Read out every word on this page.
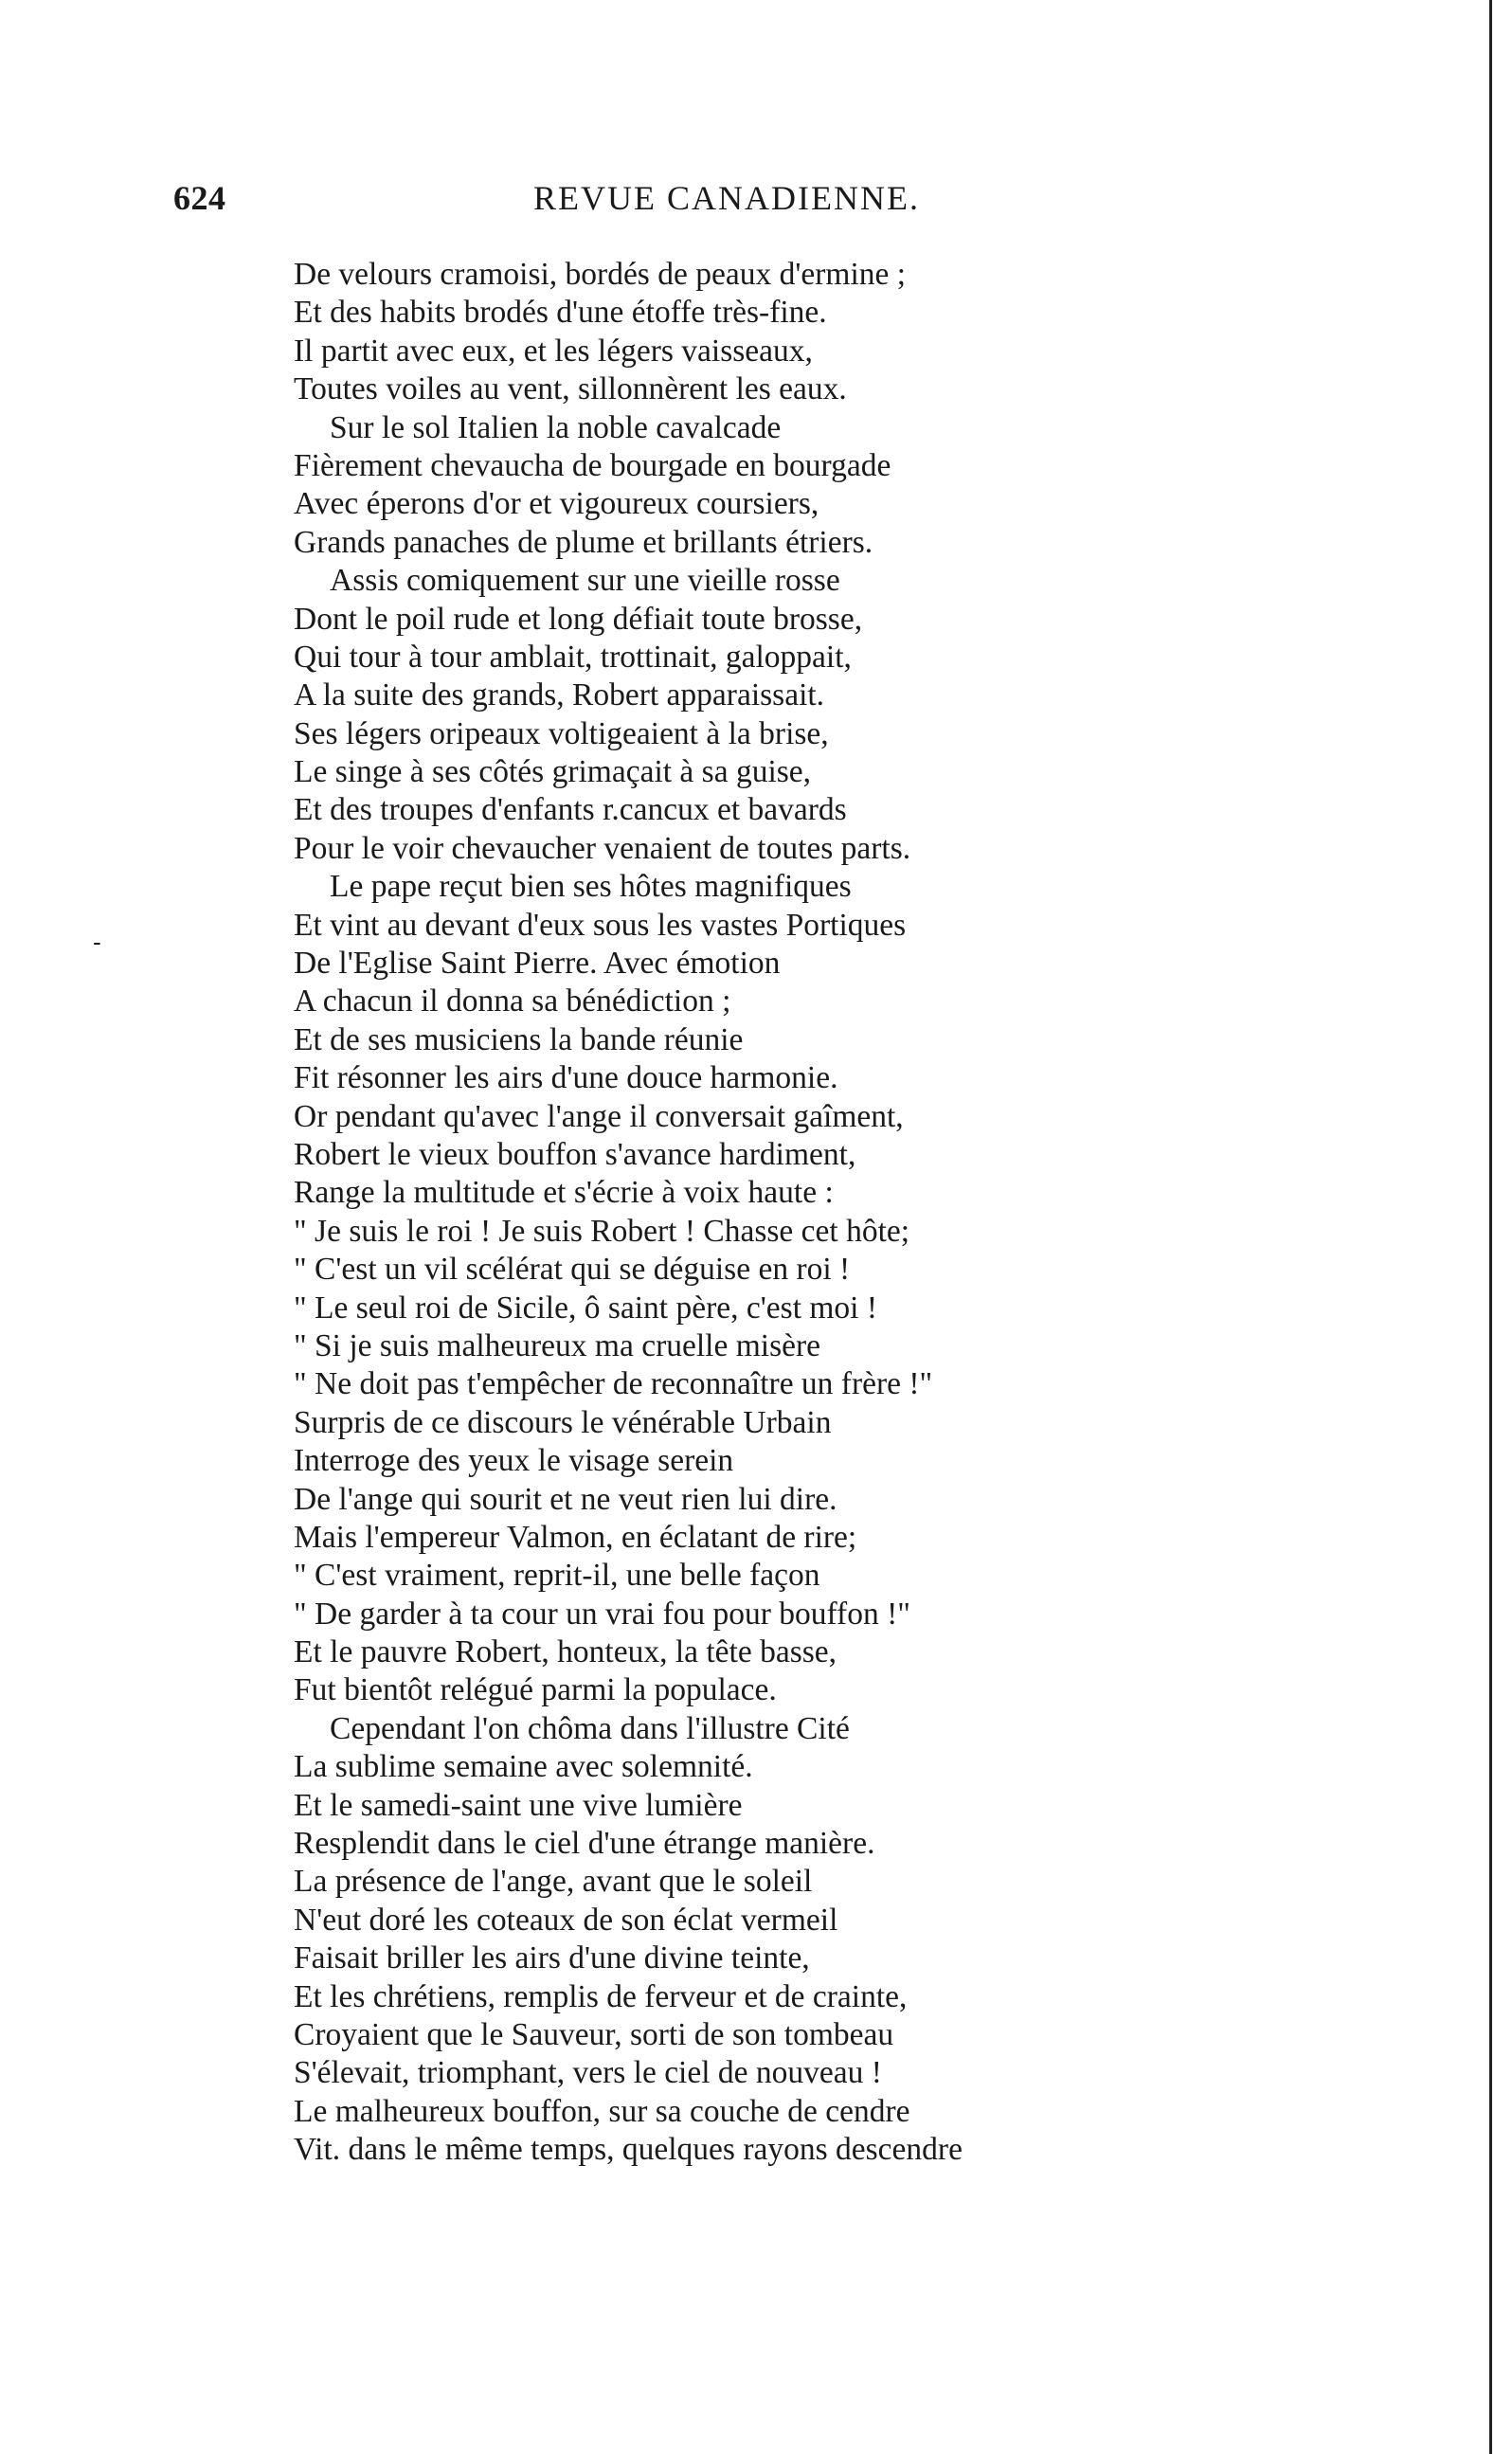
624	REVUE CANADIENNE.
-
De velours cramoisi, bordés de peaux d'ermine ;
Et des habits brodés d'une étoffe très-fine.
Il partit avec eux, et les légers vaisseaux,
Toutes voiles au vent, sillonnèrent les eaux.
Sur le sol Italien la noble cavalcade
Fièrement chevaucha de bourgade en bourgade
Avec éperons d'or et vigoureux coursiers,
Grands panaches de plume et brillants étriers.
Assis comiquement sur une vieille rosse
Dont le poil rude et long défiait toute brosse,
Qui tour à tour amblait, trottinait, galoppait,
A la suite des grands, Robert apparaissait.
Ses légers oripeaux voltigeaient à la brise,
Le singe à ses côtés grimaçait à sa guise,
Et des troupes d'enfants r.cancux et bavards
Pour le voir chevaucher venaient de toutes parts.
Le pape reçut bien ses hôtes magnifiques
Et vint au devant d'eux sous les vastes Portiques
De l'Eglise Saint Pierre. Avec émotion
A chacun il donna sa bénédiction ;
Et de ses musiciens la bande réunie
Fit résonner les airs d'une douce harmonie.
Or pendant qu'avec l'ange il conversait gaîment,
Robert le vieux bouffon s'avance hardiment,
Range la multitude et s'écrie à voix haute :
" Je suis le roi ! Je suis Robert ! Chasse cet hôte;
" C'est un vil scélérat qui se déguise en roi !
" Le seul roi de Sicile, ô saint père, c'est moi !
" Si je suis malheureux ma cruelle misère
" Ne doit pas t'empêcher de reconnaître un frère !"
Surpris de ce discours le vénérable Urbain
Interroge des yeux le visage serein
De l'ange qui sourit et ne veut rien lui dire.
Mais l'empereur Valmon, en éclatant de rire;
" C'est vraiment, reprit-il, une belle façon
" De garder à ta cour un vrai fou pour bouffon !"
Et le pauvre Robert, honteux, la tête basse,
Fut bientôt relégué parmi la populace.
Cependant l'on chôma dans l'illustre Cité
La sublime semaine avec solemnité.
Et le samedi-saint une vive lumière
Resplendit dans le ciel d'une étrange manière.
La présence de l'ange, avant que le soleil
N'eut doré les coteaux de son éclat vermeil
Faisait briller les airs d'une divine teinte,
Et les chrétiens, remplis de ferveur et de crainte,
Croyaient que le Sauveur, sorti de son tombeau
S'élevait, triomphant, vers le ciel de nouveau !
Le malheureux bouffon, sur sa couche de cendre
Vit. dans le même temps, quelques rayons descendre
